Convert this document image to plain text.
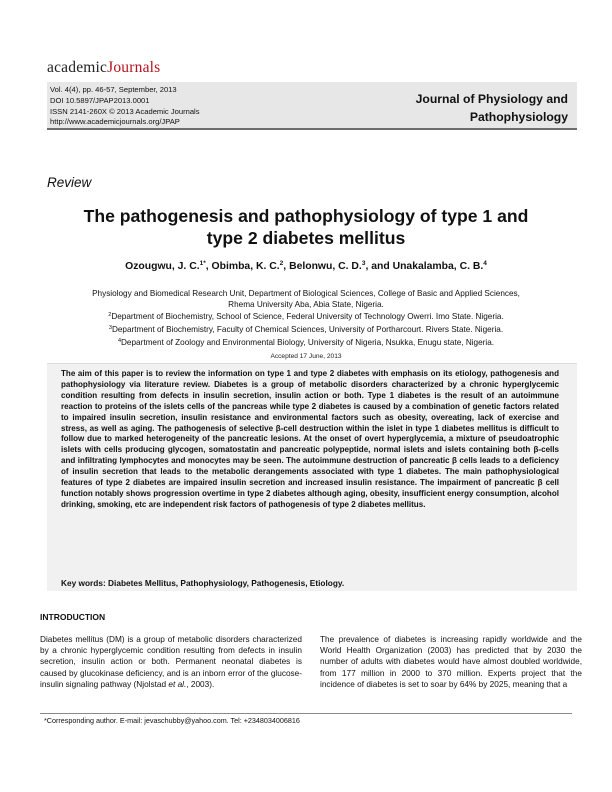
academicJournals
Vol. 4(4), pp. 46-57, September, 2013
DOI 10.5897/JPAP2013.0001
ISSN 2141-260X © 2013 Academic Journals
http://www.academicjournals.org/JPAP
Journal of Physiology and
Pathophysiology
Review
The pathogenesis and pathophysiology of type 1 and
type 2 diabetes mellitus
Ozougwu, J. C.$^{1*}$, Obimba, K. C.$^2$, Belonwu, C. D.$^3$, and Unakalamba, C. B.$^4$
Physiology and Biomedical Research Unit, Department of Biological Sciences, College of Basic and Applied Sciences,
Rhema University Aba, Abia State, Nigeria.
$^2$Department of Biochemistry, School of Science, Federal University of Technology Owerri. Imo State. Nigeria.
$^3$Department of Biochemistry, Faculty of Chemical Sciences, University of Portharcourt. Rivers State. Nigeria.
$^4$Department of Zoology and Environmental Biology, University of Nigeria, Nsukka, Enugu state, Nigeria.
Accepted 17 June, 2013
The aim of this paper is to review the information on type 1 and type 2 diabetes with emphasis on its etiology, pathogenesis and pathophysiology via literature review. Diabetes is a group of metabolic disorders characterized by a chronic hyperglycemic condition resulting from defects in insulin secretion, insulin action or both. Type 1 diabetes is the result of an autoimmune reaction to proteins of the islets cells of the pancreas while type 2 diabetes is caused by a combination of genetic factors related to impaired insulin secretion, insulin resistance and environmental factors such as obesity, overeating, lack of exercise and stress, as well as aging. The pathogenesis of selective β-cell destruction within the islet in type 1 diabetes mellitus is difficult to follow due to marked heterogeneity of the pancreatic lesions. At the onset of overt hyperglycemia, a mixture of pseudoatrophic islets with cells producing glycogen, somatostatin and pancreatic polypeptide, normal islets and islets containing both β-cells and infiltrating lymphocytes and monocytes may be seen. The autoimmune destruction of pancreatic β cells leads to a deficiency of insulin secretion that leads to the metabolic derangements associated with type 1 diabetes. The main pathophysiological features of type 2 diabetes are impaired insulin secretion and increased insulin resistance. The impairment of pancreatic β cell function notably shows progression overtime in type 2 diabetes although aging, obesity, insufficient energy consumption, alcohol drinking, smoking, etc are independent risk factors of pathogenesis of type 2 diabetes mellitus.
Key words: Diabetes Mellitus, Pathophysiology, Pathogenesis, Etiology.
INTRODUCTION
Diabetes mellitus (DM) is a group of metabolic disorders characterized by a chronic hyperglycemic condition resulting from defects in insulin secretion, insulin action or both. Permanent neonatal diabetes is caused by glucokinase deficiency, and is an inborn error of the glucose-insulin signaling pathway (Njolstad et al., 2003).
The prevalence of diabetes is increasing rapidly worldwide and the World Health Organization (2003) has predicted that by 2030 the number of adults with diabetes would have almost doubled worldwide, from 177 million in 2000 to 370 million. Experts project that the incidence of diabetes is set to soar by 64% by 2025, meaning that a
*Corresponding author. E-mail: jevaschubby@yahoo.com. Tel: +2348034006816
